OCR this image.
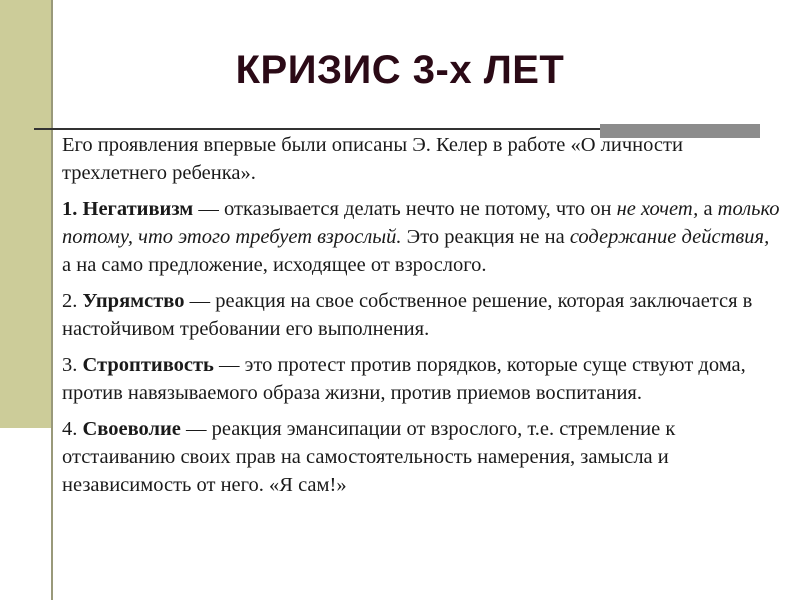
КРИЗИС 3-х ЛЕТ

Его проявления впервые были описаны Э. Келер в работе «О личности трехлетнего ребенка».

1. Негативизм — отказывается делать нечто не потому, что он не хочет, а только потому, что этого требует взрослый. Это реакция не на содержание действия, а на само предложение, исходящее от взрослого.

2. Упрямство — реакция на свое собственное решение, которая заключается в настойчивом требовании его выполнения.

3. Строптивость — это протест против порядков, которые суще ствуют дома, против навязываемого образа жизни, против приемов воспитания.

4. Своеволие — реакция эмансипации от взрослого, т.е. стремление к отстаиванию своих прав на самостоятельность намерения, замысла и независимость от него. «Я сам!»
